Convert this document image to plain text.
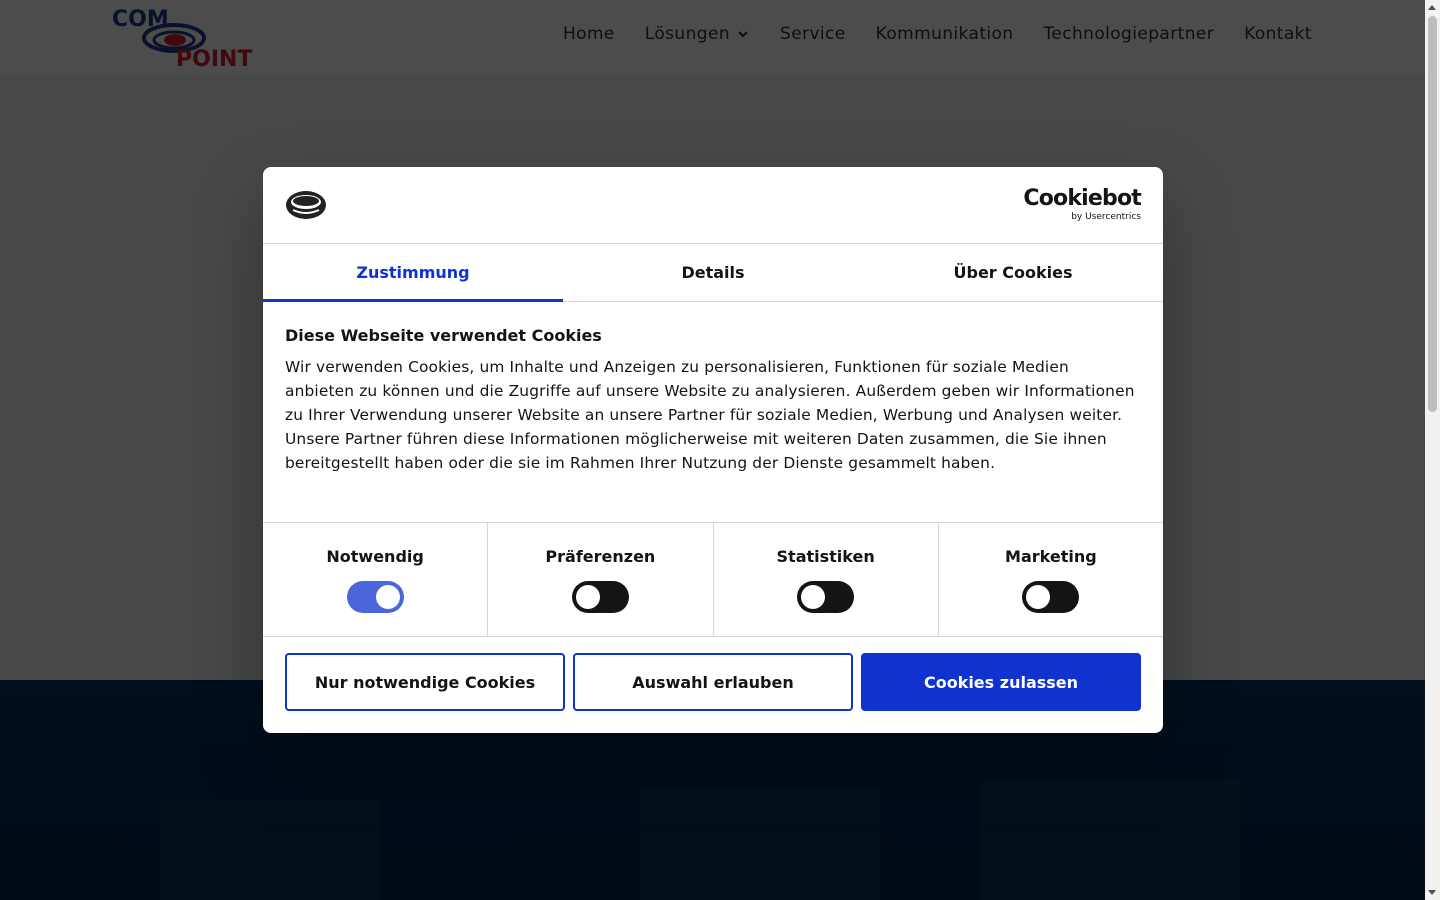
Cookiebot
by Usercentrics
Zustimmung	Details	Über Cookies
Diese Webseite verwendet Cookies
Wir verwenden Cookies, um Inhalte und Anzeigen zu personalisieren, Funktionen für soziale Medien anbieten zu können und die Zugriffe auf unsere Website zu analysieren. Außerdem geben wir Informationen zu Ihrer Verwendung unserer Website an unsere Partner für soziale Medien, Werbung und Analysen weiter. Unsere Partner führen diese Informationen möglicherweise mit weiteren Daten zusammen, die Sie ihnen bereitgestellt haben oder die sie im Rahmen Ihrer Nutzung der Dienste gesammelt haben.
Notwendig	Präferenzen	Statistiken	Marketing
Nur notwendige Cookies	Auswahl erlauben	Cookies zulassen
